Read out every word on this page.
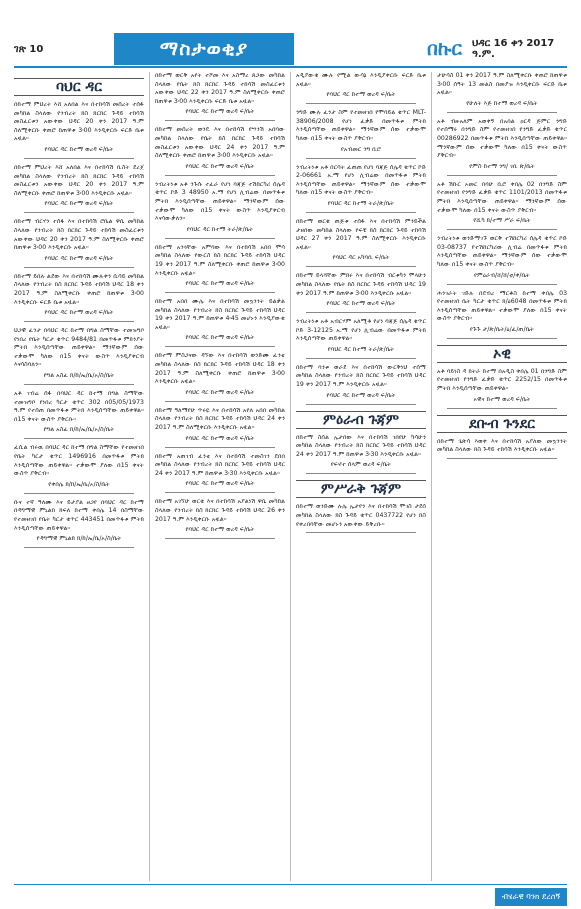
ገጽ 10	ማስታወቂያ	በኩር	ህዳር 16 ቀን 2017 ዓ.ም.
ባህር ዳር

በከተማ ምህረት እሸ አለበል እና በተከሳሽ መሰረት ተሰፋ መካከል ስላለው የንብረት ክስ ክርክር ጉዳይ ተከሳሽ መስፈርቱን አውቀው ህዳር 20 ቀን 2017 ዓ.ም ስለሚቀርቡ ቀጠሮ ከጠዋቱ 3፡00 እንዲቀርቡ ፍርድ ቤቱ አዟል።

የባህር ዳር ከተማ ወረዳ ፍ/ቤት

በከተማ ምህረት እሸ አለበል እና በተከሳሽ ቢስት ደረጀ መካከል ስላለው የንብረት ክስ ክርክር ጉዳይ ተከሳሽ መስፈርቱን አውቀው ህዳር 20 ቀን 2017 ዓ.ም ስለሚቀርቡ ቀጠሮ ከጠዋቱ 3፡00 እንዲቀርቡ አዟል።

የባህር ዳር ከተማ ወረዳ ፍ/ቤት

በከተማ ብርሃን ተሰፋ እና በተከሳሽ ሮቤል ዋሴ መካከል ስላለው የንብረት ክስ ክርክር ጉዳይ ተከሳሽ መስፈርቱን አውቀው ህዳር 20 ቀን 2017 ዓ.ም ስለሚቀርቡ ቀጠሮ ከጠዋቱ 3፡00 እንዲቀርቡ አዟል።

የባህር ዳር ከተማ ወረዳ ፍ/ቤት

በከተማ ይበሉ ልደው እና በተከሳሽ ሙሉቀን ሲሳይ መካከል ስላለው የንብረት ክስ ክርክር ጉዳይ ተከሳሽ ህዳር 18 ቀን 2017 ዓ.ም ስለሚቀርቡ ቀጠሮ ከጠዋቱ 3፡00 እንዲቀርቡ ፍርድ ቤቱ አዟል።

የባህር ዳር ከተማ ወረዳ ፍ/ቤት

ህጋዊ ፈንታ በባህር ዳር ከተማ በግል ስማቸው ተመዝግቦ የነበረ የቤት ካርታ ቁጥር 9484/81 በመጥፋቱ ምክንያት ምትክ እንዲሰጣቸው ጠይቀዋል። ማንኛውም ሰው ተቃውሞ ካለው በ15 ቀናት ውስጥ እንዲያቀርብ እናሳስባለን።

የግል አስፈ ክ/ከ/ኤ/ቤ/ኦ/ስ/ቤት

አቶ ገብሬ ሰፋ በባህር ዳር ከተማ በግል ስማቸው ተመዝግቦ የነበረ ካርታ ቁጥር 302 በ05/05/1973 ዓ.ም የተሰጠ በመጥፋቱ ምትክ እንዲሰጣቸው ጠይቀዋል። በ15 ቀናት ውስጥ ያቅርቡ።

የግል አስፈ ክ/ከ/ኤ/ቤ/ኦ/ስ/ቤት

ፈሲል ብሩዉ በባህር ዳር ከተማ በግል ስማቸው የተመዘገበ የቤት ካርታ ቁጥር 1496916 በመጥፋቱ ምትክ እንዲሰጣቸው ጠይቀዋል። ተቃውሞ ያለው በ15 ቀናት ውስጥ ያቅርብ።

የቀበሌ ክ/ከ/ኤ/ቤ/ኦ/ስ/ቤት

ቡና ተኛ ዓለሙ እና ይታያል ፀጋየ በባህር ዳር ከተማ በዳግማዊ ምኒልክ ክፍለ ከተማ ቀበሌ 14 በስማቸው የተመዘገበ የቤት ካርታ ቁጥር 443451 በመጥፋቱ ምትክ እንዲሰጣቸው ጠይቀዋል።

የዳግማዊ ምኒልክ ክ/ከ/ኤ/ቤ/ኦ/ስ/ቤት

በከተማ ወርቅ አየት ተሾመ እና አስማረ ጸጋው መካከል ስላለው የቤት ክስ ክርክር ጉዳይ ተከሳሽ መስፈርቱን አውቀው ህዳር 22 ቀን 2017 ዓ.ም ስለሚቀርቡ ቀጠሮ ከጠዋቱ 3፡00 እንዲቀርቡ ፍርድ ቤቱ አዟል።

የባህር ዳር ከተማ ወረዳ ፍ/ቤት

በከተማ መሰረት ወንዴ እና በተከሳሽ የሣንሽ አበባው መካከል ስላለው የቤት ክስ ክርክር ጉዳይ ተከሳሽ መስፈርቱን አውቀው ህዳር 24 ቀን 2017 ዓ.ም ስለሚቀርቡ ቀጠሮ ከጠዋቱ 3፡00 እንዲቀርቡ አዟል።

የባህር ዳር ከተማ ወረዳ ፍ/ቤት

ንብረትነቱ አቶ ንጉሱ ተፈራ የሆነ ባጃጅ ተሽከርካሪ ሰሌዳ ቁጥር ኮድ 3 48950 አ.ማ የሆነ ሊብሬው በመጥፋቱ ምትክ እንዲሰጣቸው ጠይቀዋል። ማንኛውም ሰው ተቃውሞ ካለው በ15 ቀናት ውስጥ እንዲያቀርብ እናሳውቃለን።

የባህር ዳር ከተማ ትራ/ጽ/ቤት

በከተማ አንጓቸው አምባው እና በተከሳሽ አበበ ሞሳ መካከል ስላለው የውርስ ክስ ክርክር ጉዳይ ተከሳሽ ህዳር 19 ቀን 2017 ዓ.ም ስለሚቀርቡ ቀጠሮ ከጠዋቱ 3፡00 እንዲቀርቡ አዟል።

የባህር ዳር ከተማ ወረዳ ፍ/ቤት

በከተማ አበበ ሙሌ እና በተከሳሽ መኳንንት ይልቃል መካከል ስላለው የንብረት ክስ ክርክር ጉዳይ ተከሳሽ ህዳር 19 ቀን 2017 ዓ.ም ከጠዋቱ 4፡45 መሆኑን እንዲያውቁ አዟል።

የባህር ዳር ከተማ ወረዳ ፍ/ቤት

በከተማ ምስጋናው ዳኘው እና በተከሳሽ ወንድሙ ፈንቴ መካከል ስላለው ክስ ክርክር ጉዳይ ተከሳሽ ህዳር 18 ቀን 2017 ዓ.ም ስለሚቀርቡ ቀጠሮ ከጠዋቱ 3፡00 እንዲቀርቡ አዟል።

የባህር ዳር ከተማ ወረዳ ፍ/ቤት

በከተማ ዓለማየሁ ጥሩዬ እና በተከሳሽ አየለ አበበ መካከል ስላለው የንብረት ክስ ክርክር ጉዳይ ተከሳሽ ህዳር 24 ቀን 2017 ዓ.ም ስለሚቀርቡ እንዲቀርቡ አዟል።

የባህር ዳር ከተማ ወረዳ ፍ/ቤት

በከተማ አጠገብ ፈንቴ እና በተከሳሽ ተመስገን ደበበ መካከል ስላለው የንብረት ክስ ክርክር ጉዳይ ተከሳሽ ህዳር 24 ቀን 2017 ዓ.ም ከጠዋቱ 3፡30 እንዲቀርቡ አዟል።

የባህር ዳር ከተማ ወረዳ ፍ/ቤት

በከተማ አገኘሁ ወርቁ እና በተከሳሽ አያልነሽ ዋሴ መካከል ስላለው የንብረት ክስ ክርክር ጉዳይ ተከሳሽ ህዳር 26 ቀን 2017 ዓ.ም እንዲቀርቡ አዟል።

የባህር ዳር ከተማ ወረዳ ፍ/ቤት

አዲያውቁ ሙሉ የሚል ውሳኔ እንዲያቀርቡ ፍርድ ቤቱ አዟል።

የባህር ዳር ከተማ ወረዳ ፍ/ቤት

ንግድ ሙሉ ፈንታ ስም የተመዘገበ የሞባይል ቁጥር MLT-38906/2008 የሆነ ፈቃድ በመጥፋቱ ምትክ እንዲሰጣቸው ጠይቀዋል። ማንኛውም ሰው ተቃውሞ ካለው በ15 ቀናት ውስጥ ያቅርብ።

የአብመር ንግ ቢሮ

ንብረትነቱ አቶ በርሳት ፈጠጠ የሆነ ባጃጅ ሰሌዳ ቁጥር ኮድ 2-06661 አ.ማ የሆነ ሊብሬው በመጥፋቱ ምትክ እንዲሰጣቸው ጠይቀዋል። ማንኛውም ሰው ተቃውሞ ካለው በ15 ቀናት ውስጥ ያቅርብ።

የባህር ዳር ከተማ ትራ/ጽ/ቤት

በከተማ ወርቁ ጠጅቱ ተሰፋ እና በተከሳሽ ምንይችል ታዘበው መካከል ስላለው የፍቺ ክስ ክርክር ጉዳይ ተከሳሽ ህዳር 27 ቀን 2017 ዓ.ም ስለሚቀርቡ እንዲቀርቡ አዟል።

የባህር ዳር አካባቢ ፍ/ቤት

በከተማ ይላሻቸው ምክሩ እና በተከሳሽ ብርቱካን ሞላሁን መካከል ስላለው የቤት ክስ ክርክር ጉዳይ ተከሳሽ ህዳር 19 ቀን 2017 ዓ.ም ከጠዋቱ 3፡00 እንዲቀርቡ አዟል።

የባህር ዳር ከተማ ወረዳ ፍ/ቤት

ንብረትነቱ አቶ አብርሃም አለሚቶ የሆነ ባጃጅ ሰሌዳ ቁጥር ኮድ 3-12125 አ.ማ የሆነ ሊብሬው በመጥፋቱ ምትክ እንዲሰጣቸው ጠይቀዋል።

የባህር ዳር ከተማ ትራ/ጽ/ቤት

በከተማ ባንቱ ወራደ እና በተከሳሽ ውርቅነህ ተሰማ መካከል ስላለው የንብረት ክስ ክርክር ጉዳይ ተከሳሽ ህዳር 19 ቀን 2017 ዓ.ም እንዲቀርቡ አዟል።

የባህር ዳር ከተማ ወረዳ ፍ/ቤት
ምዕራብ ጉጃም

በከተማ ስሰል ኢታበው እና በተከሳሽ ገበየሁ ካሳሁን መካከል ስላለው የንብረት ክስ ክርክር ጉዳይ ተከሳሽ ህዳር 24 ቀን 2017 ዓ.ም ከጠዋቱ 3፡30 እንዲቀርቡ አዟል።

የፍኖተ ሰላም ወረዳ ፍ/ቤት
ምሥራቅ ጉጃም

በከተማ ወንድሙ ሉሌ ኢታየን እና በተከሳሽ ሞገስ ታደሰ መካከል ስላለው ክስ ጉዳይ ቁጥር 0437722 የሆነ ክስ የቀረበባቸው መሆኑን አውቀው ይቅረቡ።

ታሁሳስ 01 ቀን 2017 ዓ.ም ስለሚቀርቡ ቀጠሮ ከጠዋቱ 3፡00 ሰዓት 13 መልስ በመያዝ እንዲቀርቡ ፍርድ ቤቱ አዟል።

የሁለት እጅ ከተማ ወረዳ ፍ/ቤት

አቶ ብዙአለም አወቀኝ በአበል ዐርዳ ጅምር ንግድ የተሰማሩ በንግድ ስም የተመዘገበ የንግድ ፈቃድ ቁጥር 00286922 በመጥፋቱ ምትክ እንዲሰጣቸው ጠይቀዋል። ማንኛውም ሰው ተቃውሞ ካለው በ15 ቀናት ውስጥ ያቅርብ።

የምስ ከተማ ንግ/ ገቢ ጽ/ቤት

አቶ ሽኩር ኦመር በባሁ ቢሮ ቀበሌ 02 በንግድ ስም የተመዘገበ የንግድ ፈቃድ ቁጥር 1101/2013 በመጥፋቱ ምትክ እንዲሰጣቸው ጠይቀዋል። ማንኛውም ሰው ተቃውሞ ካለው በ15 ቀናት ውስጥ ያቅርብ።

የሺካ ክ/ተማ ሥራ ፍ/ቤት

ንብረትነቱ ወንድማገኙ ወርቅ ተሽከርካሪ ሰሌዳ ቁጥር ኮድ 03-08737 የተሽከርካሪው ሊብሬ በመጥፋቱ ምትክ እንዲሰጣቸው ጠይቀዋል። ማንኛውም ሰው ተቃውሞ ካለው በ15 ቀናት ውስጥ ያቅርብ።

የምዕራብ/ሸ/ሸ/ቲ/ቀ/ቤት

ሐንገራት ገድሉ በደብረ ማርቆስ ከተማ ቀበሌ 03 የተመዘገበ ቤት ካርታ ቁጥር ክ/ዕ6048 በመጥፋቱ ምትክ እንዲሰጣቸው ጠይቀዋል። ተቃውሞ ያለው በ15 ቀናት ውስጥ ያቅርብ።

የጉጉ ታ/ጽ/ቤት/ዕ/ፈ/ጠ/ቤት
ኦዊ

አቶ ባይነስ ዳ ክትራ ከተማ በአዲስ ቀበሌ 01 በንግድ ስም የተመዘገበ የንግድ ፈቃድ ቁጥር 2252/15 በመጥፋቱ ምትክ እንዲሰጣቸው ጠይቀዋል።

ኦዊና ከተማ ወረዳ ፍ/ቤት
ደቡብ ጉንደር

በከተማ ጌጽሳ እወቀ እና በተከሳሽ አያለው መኳንንት መካከል ስላለው ክስ ጉዳይ ተከሳሽ እንዲቀርቡ አዟል።

ብሄራዊ ባንክ ደረሰኝ
